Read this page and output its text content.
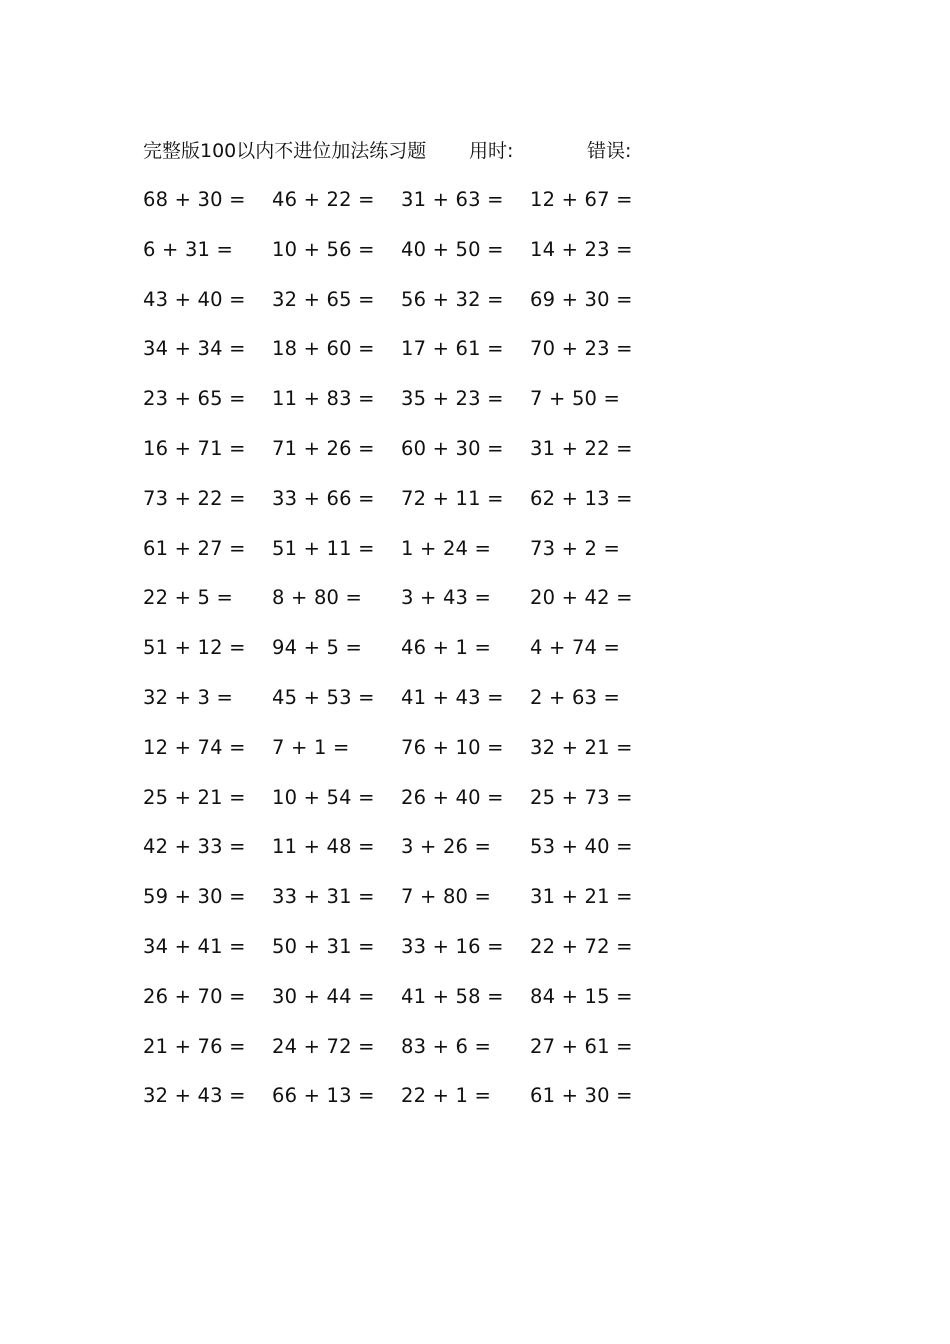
完整版100以内不进位加法练习题 用时:	错误:
68 + 30 = 46 + 22 = 31 + 63 = 12 + 67 =
6 + 31 = 10 + 56 = 40 + 50 = 14 + 23 =
43 + 40 = 32 + 65 = 56 + 32 = 69 + 30 =
34 + 34 = 18 + 60 = 17 + 61 = 70 + 23 =
23 + 65 = 11 + 83 = 35 + 23 = 7 + 50 =
16 + 71 = 71 + 26 = 60 + 30 = 31 + 22 =
73 + 22 = 33 + 66 = 72 + 11 = 62 + 13 =
61 + 27 = 51 + 11 = 1 + 24 = 73 + 2 =
22 + 5 = 8 + 80 = 3 + 43 = 20 + 42 =
51 + 12 = 94 + 5 = 46 + 1 = 4 + 74 =
32 + 3 = 45 + 53 = 41 + 43 = 2 + 63 =
12 + 74 = 7 + 1 =	76 + 10 = 32 + 21 =
25 + 21 = 10 + 54 = 26 + 40 = 25 + 73 =
42 + 33 = 11 + 48 = 3 + 26 = 53 + 40 =
59 + 30 = 33 + 31 = 7 + 80 = 31 + 21 =
34 + 41 = 50 + 31 = 33 + 16 = 22 + 72 =
26 + 70 = 30 + 44 = 41 + 58 = 84 + 15 =
21 + 76 = 24 + 72 = 83 + 6 = 27 + 61 =
32 + 43 = 66 + 13 = 22 + 1 = 61 + 30 =
